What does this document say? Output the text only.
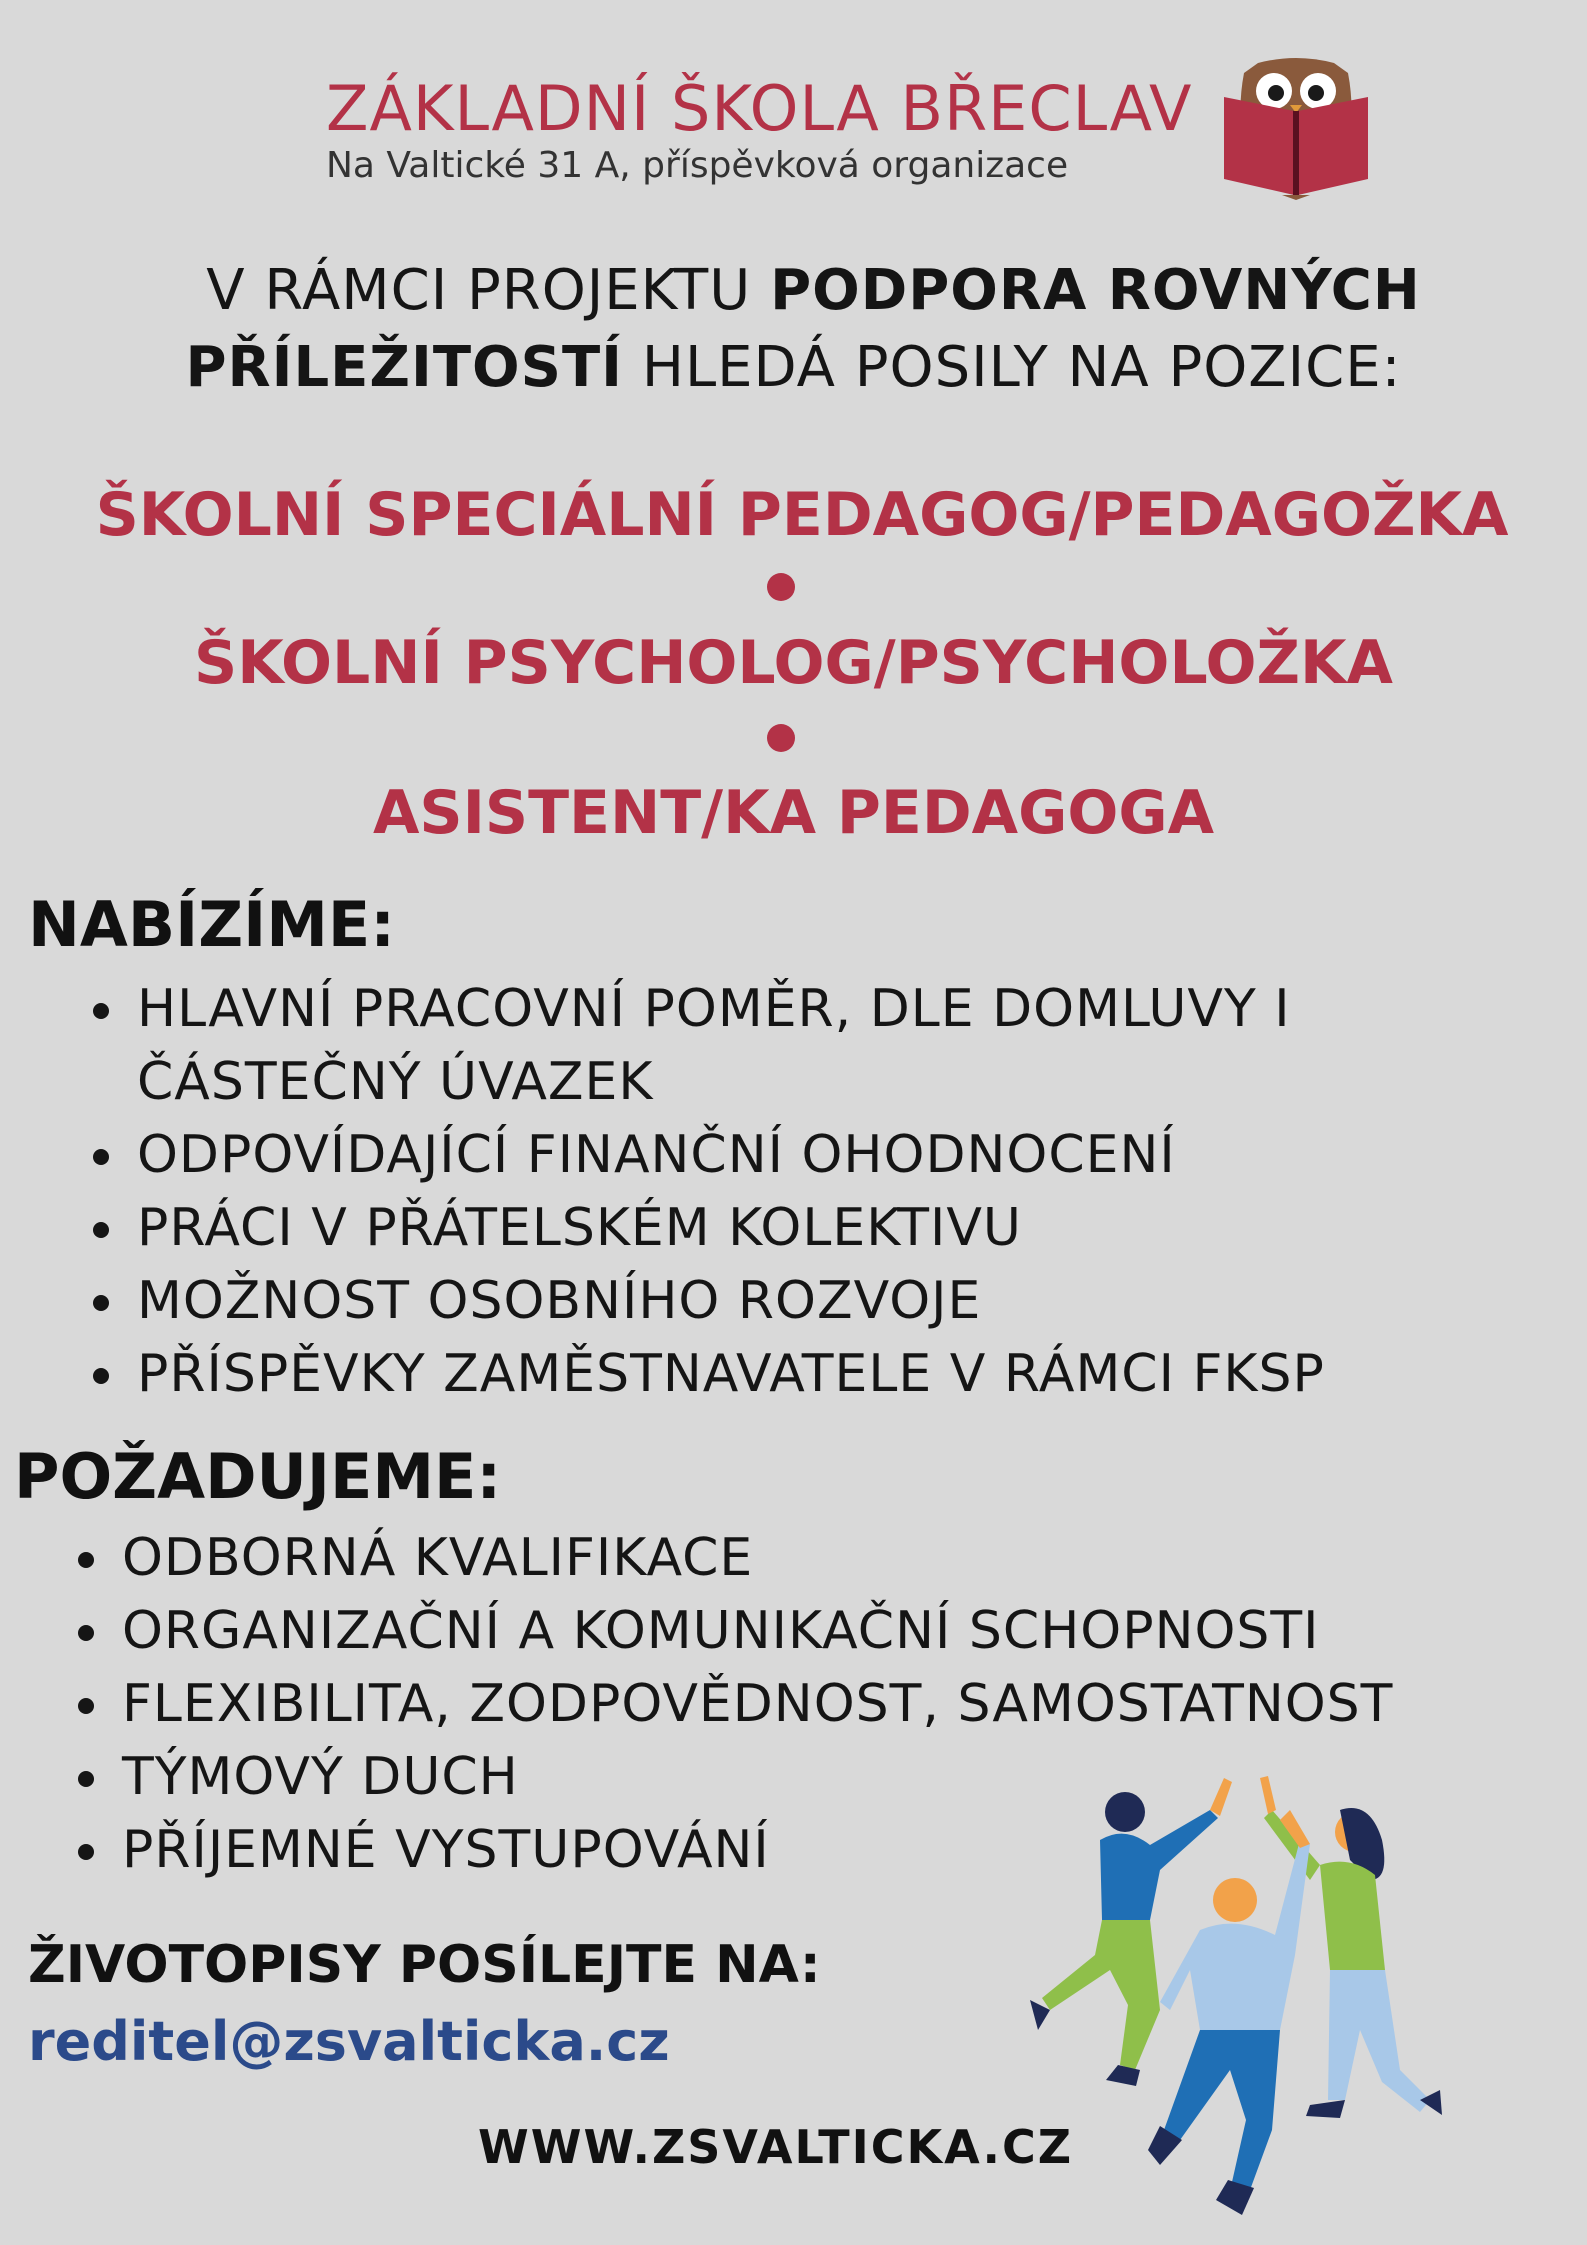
ZÁKLADNÍ ŠKOLA BŘECLAV
Na Valtické 31 A, příspěvková organizace
V RÁMCI PROJEKTU PODPORA ROVNÝCH
PŘÍLEŽITOSTÍ HLEDÁ POSILY NA POZICE:
ŠKOLNÍ SPECIÁLNÍ PEDAGOG/PEDAGOŽKA
ŠKOLNÍ PSYCHOLOG/PSYCHOLOŽKA
ASISTENT/KA PEDAGOGA
NABÍZÍME:
HLAVNÍ PRACOVNÍ POMĚR, DLE DOMLUVY I
ČÁSTEČNÝ ÚVAZEK
ODPOVÍDAJÍCÍ FINANČNÍ OHODNOCENÍ
PRÁCI V PŘÁTELSKÉM KOLEKTIVU
MOŽNOST OSOBNÍHO ROZVOJE
PŘÍSPĚVKY ZAMĚSTNAVATELE V RÁMCI FKSP
POŽADUJEME:
ODBORNÁ KVALIFIKACE
ORGANIZAČNÍ A KOMUNIKAČNÍ SCHOPNOSTI
FLEXIBILITA, ZODPOVĚDNOST, SAMOSTATNOST
TÝMOVÝ DUCH
PŘÍJEMNÉ VYSTUPOVÁNÍ
ŽIVOTOPISY POSÍLEJTE NA:
reditel@zsvalticka.cz
WWW.ZSVALTICKA.CZ
